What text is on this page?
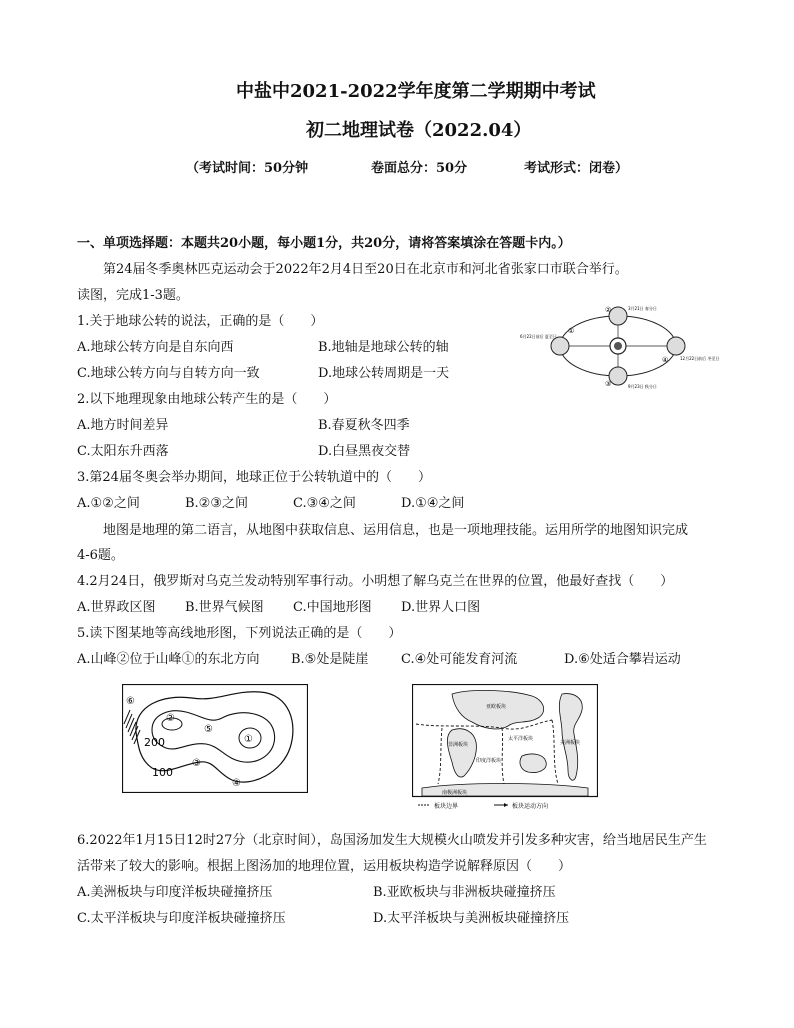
中盐中2021-2022学年度第二学期期中考试
初二地理试卷（2022.04）
（考试时间：50分钟	卷面总分：50分	考试形式：闭卷）
一、单项选择题：本题共20小题，每小题1分，共20分，请将答案填涂在答题卡内。）
第24届冬季奥林匹克运动会于2022年2月4日至20日在北京市和河北省张家口市联合举行。
读图，完成1-3题。
1.关于地球公转的说法，正确的是（　　）
A.地球公转方向是自东向西	B.地轴是地球公转的轴
C.地球公转方向与自转方向一致	D.地球公转周期是一天
2.以下地理现象由地球公转产生的是（　　）
A.地方时间差异	B.春夏秋冬四季
C.太阳东升西落	D.白昼黑夜交替
3.第24届冬奥会举办期间，地球正位于公转轨道中的（　　）
A.①②之间	B.②③之间	C.③④之间	D.①④之间
地图是地理的第二语言，从地图中获取信息、运用信息，也是一项地理技能。运用所学的地图知识完成
4-6题。
4.2月24日，俄罗斯对乌克兰发动特别军事行动。小明想了解乌克兰在世界的位置，他最好查找（　　）
A.世界政区图 B.世界气候图 C.中国地形图 D.世界人口图
5.读下图某地等高线地形图，下列说法正确的是（　　）
A.山峰②位于山峰①的东北方向 B.⑤处是陡崖	C.④处可能发育河流	D.⑥处适合攀岩运动
6.2022年1月15日12时27分（北京时间），岛国汤加发生大规模火山喷发并引发多种灾害，给当地居民生产生
活带来了较大的影响。根据上图汤加的地理位置，运用板块构造学说解释原因（　　）
A.美洲板块与印度洋板块碰撞挤压	B.亚欧板块与非洲板块碰撞挤压
C.太平洋板块与印度洋板块碰撞挤压	D.太平洋板块与美洲板块碰撞挤压
①
②
③
④
6月22日前后 夏至日
12月22日前后 冬至日
3月21日 春分日
9月23日 秋分日
200
100
①
②
③
④
⑤
⑥	亚欧板块
太平洋板块
非洲板块	美洲板块
印度洋板块
南极洲板块
板块边界	板块运动方向
